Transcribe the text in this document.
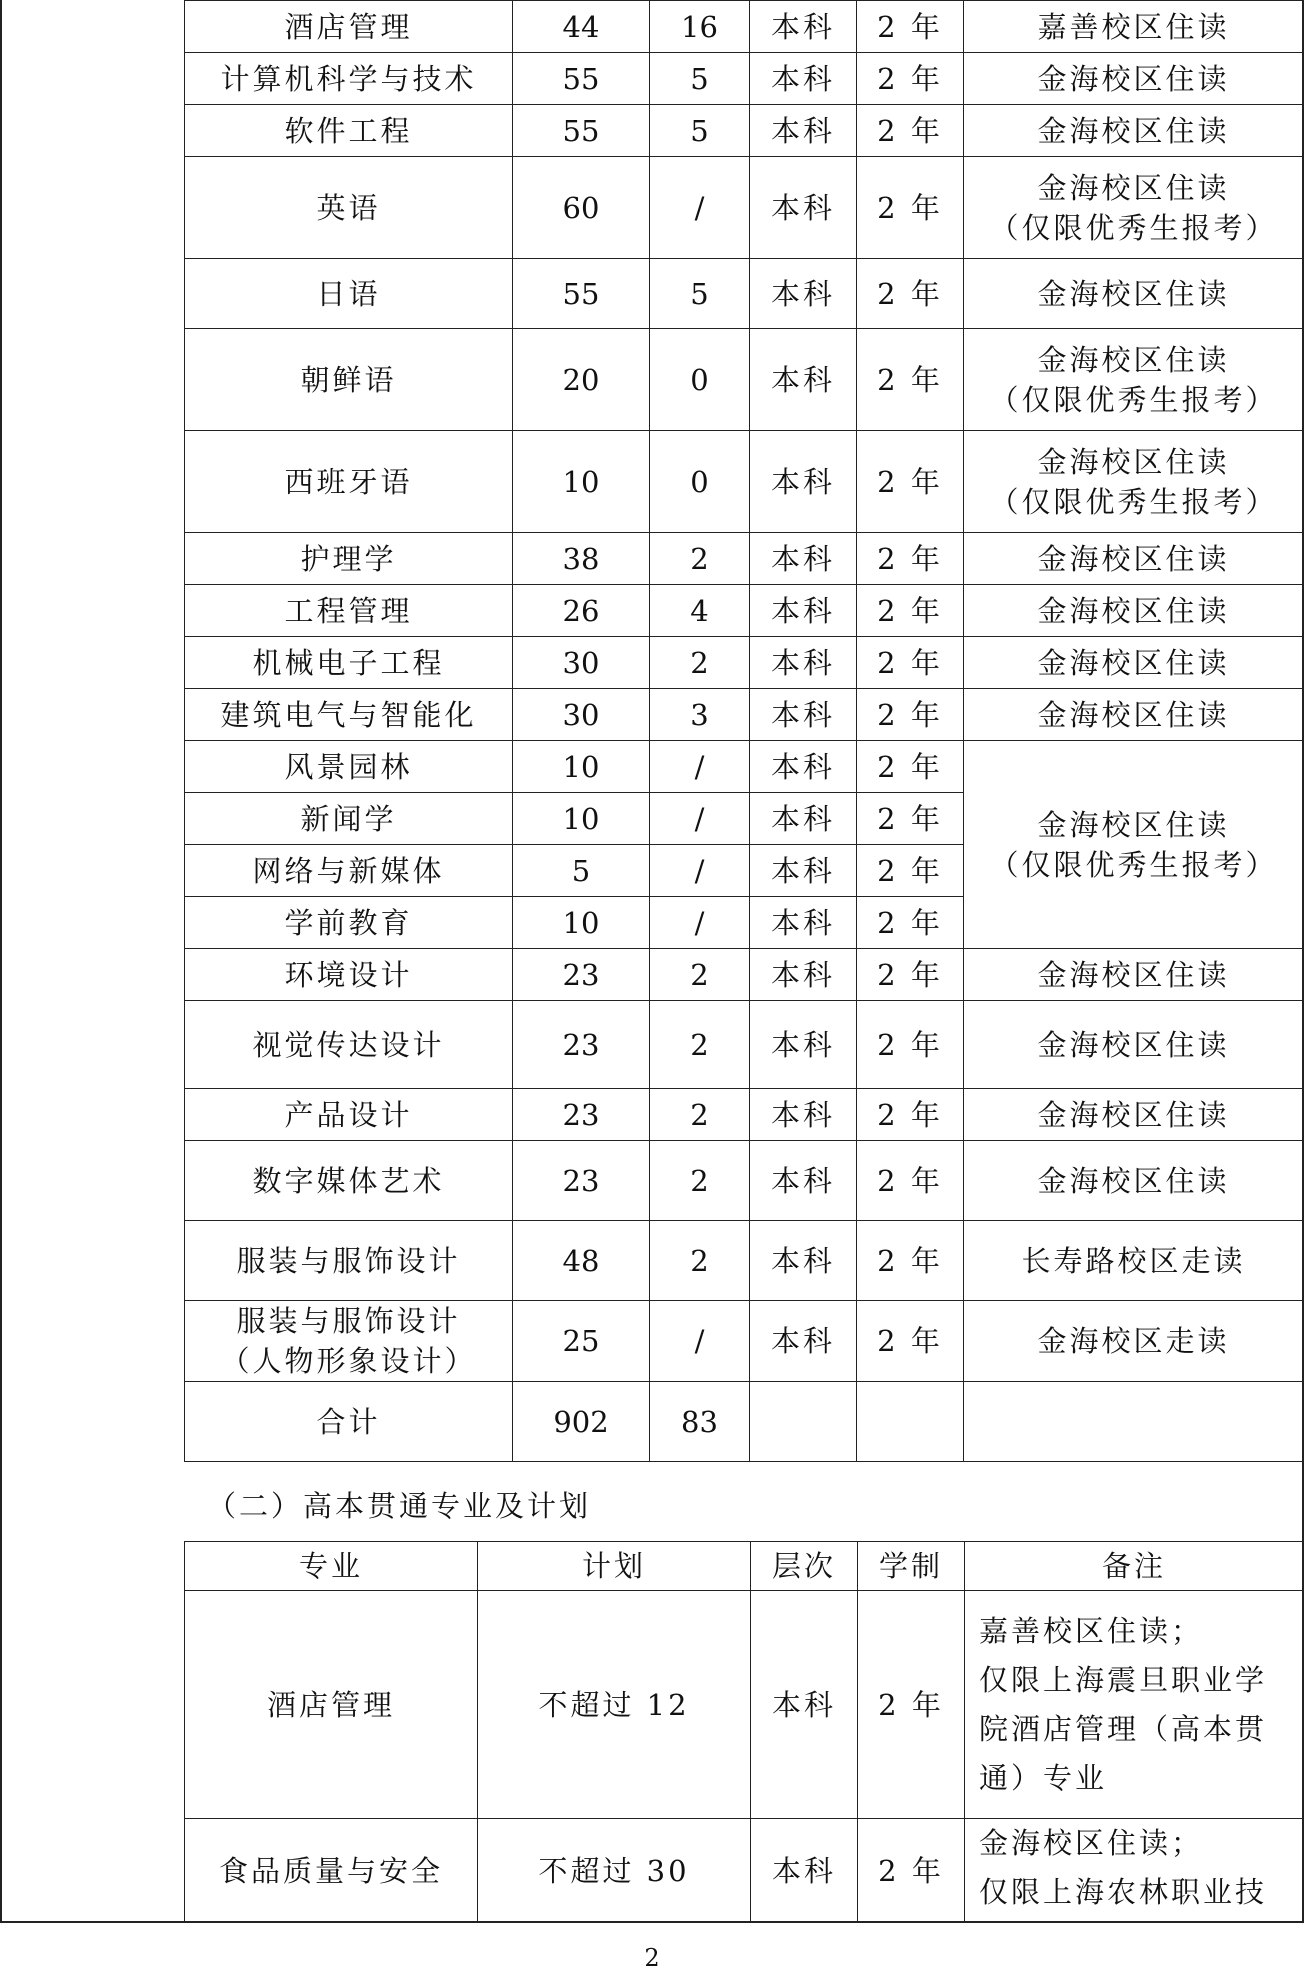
酒店管理	44	16	本科	2 年	嘉善校区住读
计算机科学与技术	55	5	本科	2 年	金海校区住读
软件工程	55	5	本科	2 年	金海校区住读
英语	60	/	本科	2 年	金海校区住读
（仅限优秀生报考）

日语	55	5	本科	2 年	金海校区住读
朝鲜语	20	0	本科	2 年	金海校区住读
（仅限优秀生报考）

西班牙语	10	0	本科	2 年	金海校区住读
（仅限优秀生报考）

护理学	38	2	本科	2 年	金海校区住读
工程管理	26	4	本科	2 年	金海校区住读
机械电子工程	30	2	本科	2 年	金海校区住读
建筑电气与智能化	30	3	本科	2 年	金海校区住读
风景园林	10	/	本科	2 年	金海校区住读
（仅限优秀生报考）

新闻学	10	/	本科	2 年	
网络与新媒体	5	/	本科	2 年	
学前教育	10	/	本科	2 年	
环境设计	23	2	本科	2 年	金海校区住读
视觉传达设计	23	2	本科	2 年	金海校区住读
产品设计	23	2	本科	2 年	金海校区住读
数字媒体艺术	23	2	本科	2 年	金海校区住读
服装与服饰设计	48	2	本科	2 年	长寿路校区走读

服装与服饰设计
（人物形象设计）	25	/	本科	2 年	金海校区走读
合计	902	83			
（二）高本贯通专业及计划
专业	计划	层次	学制	备注
酒店管理	不超过 12	本科	2 年	嘉善校区住读；
仅限上海震旦职业学
院酒店管理（高本贯
通）专业

食品质量与安全	不超过 30	本科	2 年	金海校区住读；
仅限上海农林职业技
2
